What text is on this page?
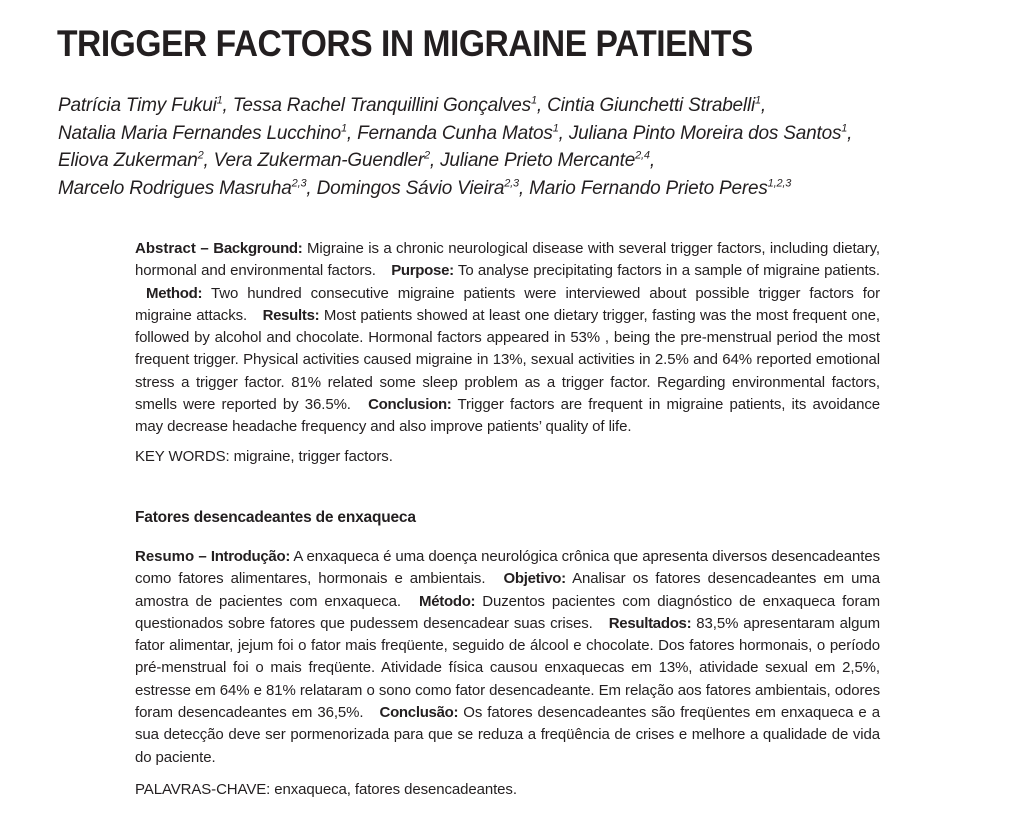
TRIGGER FACTORS IN MIGRAINE PATIENTS
Patrícia Timy Fukui$^1$, Tessa Rachel Tranquillini Gonçalves$^1$, Cintia Giunchetti Strabelli$^1$,
Natalia Maria Fernandes Lucchino$^1$, Fernanda Cunha Matos$^1$, Juliana Pinto Moreira dos Santos$^1$,
Eliova Zukerman$^2$, Vera Zukerman-Guendler$^2$, Juliane Prieto Mercante$^{2,4}$,
Marcelo Rodrigues Masruha$^{2,3}$, Domingos Sávio Vieira$^{2,3}$, Mario Fernando Prieto Peres$^{1,2,3}$

Abstract – Background: Migraine is a chronic neurological disease with several trigger factors, including dietary, hormonal and environmental factors. Purpose: To analyse precipitating factors in a sample of migraine patients. Method: Two hundred consecutive migraine patients were interviewed about possible trigger factors for migraine attacks. Results: Most patients showed at least one dietary trigger, fasting was the most frequent one, followed by alcohol and chocolate. Hormonal factors appeared in 53% , being the pre-menstrual period the most frequent trigger. Physical activities caused migraine in 13%, sexual activities in 2.5% and 64% reported emotional stress a trigger factor. 81% related some sleep problem as a trigger factor. Regarding environmental factors, smells were reported by 36.5%. Conclusion: Trigger factors are frequent in migraine patients, its avoidance may decrease headache frequency and also improve patients’ quality of life.

KEY WORDS: migraine, trigger factors.

Fatores desencadeantes de enxaqueca

Resumo – Introdução: A enxaqueca é uma doença neurológica crônica que apresenta diversos desencadeantes como fatores alimentares, hormonais e ambientais. Objetivo: Analisar os fatores desencadeantes em uma amostra de pacientes com enxaqueca. Método: Duzentos pacientes com diagnóstico de enxaqueca foram questionados sobre fatores que pudessem desencadear suas crises. Resultados: 83,5% apresentaram algum fator alimentar, jejum foi o fator mais freqüente, seguido de álcool e chocolate. Dos fatores hormonais, o período pré-menstrual foi o mais freqüente. Atividade física causou enxaquecas em 13%, atividade sexual em 2,5%, estresse em 64% e 81% relataram o sono como fator desencadeante. Em relação aos fatores ambientais, odores foram desencadeantes em 36,5%. Conclusão: Os fatores desencadeantes são freqüentes em enxaqueca e a sua detecção deve ser pormenorizada para que se reduza a freqüência de crises e melhore a qualidade de vida do paciente.

PALAVRAS-CHAVE: enxaqueca, fatores desencadeantes.
